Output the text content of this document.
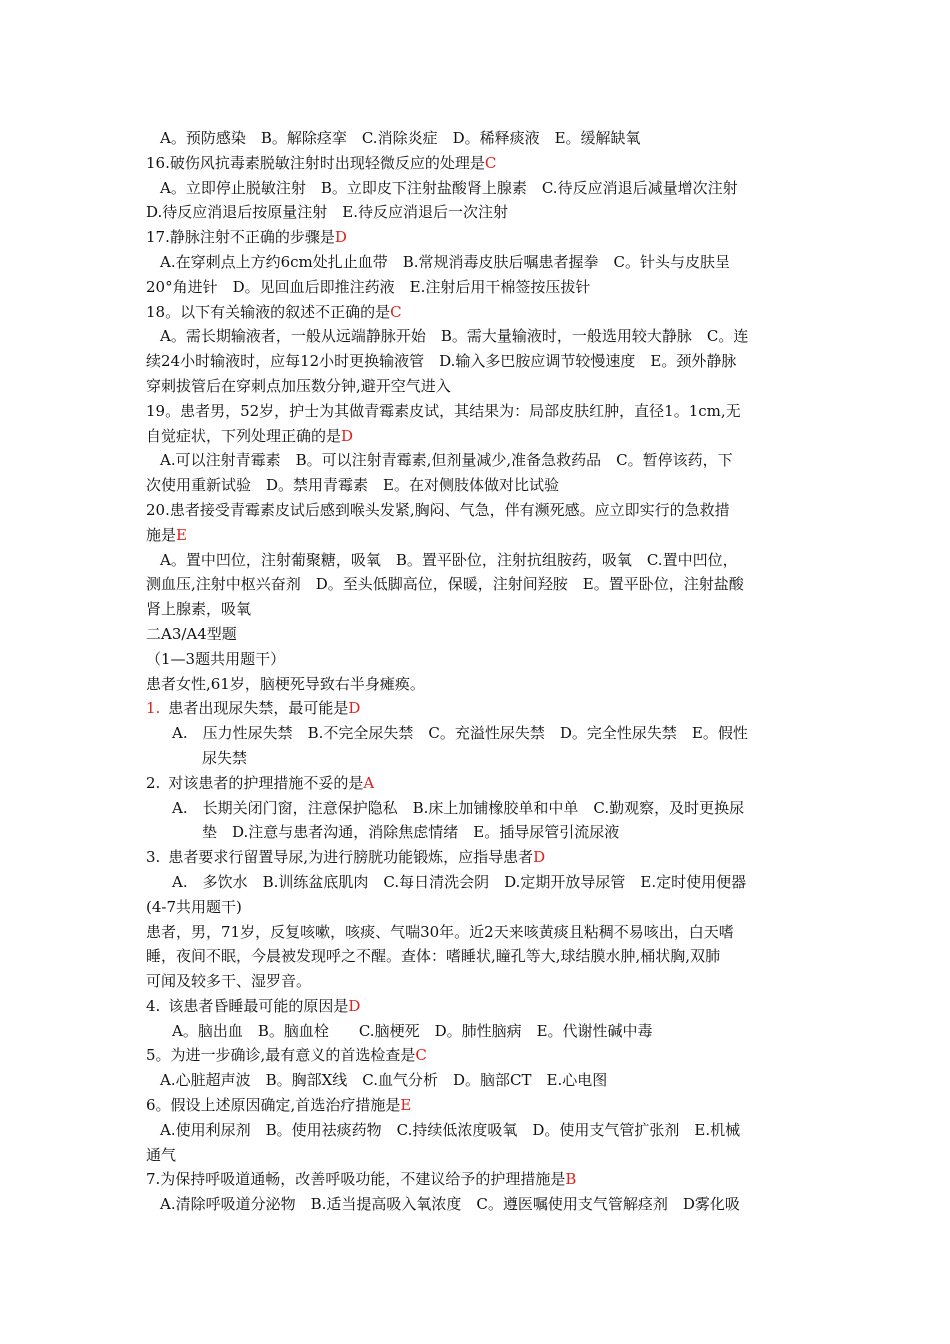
A。预防感染　B。解除痉挛　C.消除炎症　D。稀释痰液　E。缓解缺氧
16.破伤风抗毒素脱敏注射时出现轻微反应的处理是C
A。立即停止脱敏注射　B。立即皮下注射盐酸肾上腺素　C.待反应消退后减量增次注射
D.待反应消退后按原量注射　E.待反应消退后一次注射
17.静脉注射不正确的步骤是D
A.在穿刺点上方约6cm处扎止血带　B.常规消毒皮肤后嘱患者握拳　C。针头与皮肤呈
20°角进针　D。见回血后即推注药液　E.注射后用干棉签按压拔针
18。以下有关输液的叙述不正确的是C
A。需长期输液者，一般从远端静脉开始　B。需大量输液时，一般选用较大静脉　C。连
续24小时输液时，应每12小时更换输液管　D.输入多巴胺应调节较慢速度　E。颈外静脉
穿刺拔管后在穿刺点加压数分钟,避开空气进入
19。患者男，52岁，护士为其做青霉素皮试，其结果为：局部皮肤红肿，直径1。1cm,无
自觉症状，下列处理正确的是D
A.可以注射青霉素　B。可以注射青霉素,但剂量减少,准备急救药品　C。暂停该药，下
次使用重新试验　D。禁用青霉素　E。在对侧肢体做对比试验
20.患者接受青霉素皮试后感到喉头发紧,胸闷、气急，伴有濒死感。应立即实行的急救措
施是E
A。置中凹位，注射葡聚糖，吸氧　B。置平卧位，注射抗组胺药，吸氧　C.置中凹位，
测血压,注射中枢兴奋剂　D。至头低脚高位，保暖，注射间羟胺　E。置平卧位，注射盐酸
肾上腺素，吸氧
二A3/A4型题
（1—3题共用题干）
患者女性,61岁，脑梗死导致右半身瘫痪。
1. 患者出现尿失禁，最可能是D
A.　压力性尿失禁　B.不完全尿失禁　C。充溢性尿失禁　D。完全性尿失禁　E。假性
尿失禁
2. 对该患者的护理措施不妥的是A
A.　长期关闭门窗，注意保护隐私　B.床上加铺橡胶单和中单　C.勤观察，及时更换尿
垫　D.注意与患者沟通，消除焦虑情绪　E。插导尿管引流尿液
3. 患者要求行留置导尿,为进行膀胱功能锻炼，应指导患者D
A.　多饮水　B.训练盆底肌肉　C.每日清洗会阴　D.定期开放导尿管　E.定时使用便器
(4-7共用题干)
患者，男，71岁，反复咳嗽，咳痰、气喘30年。近2天来咳黄痰且粘稠不易咳出，白天嗜
睡，夜间不眠，今晨被发现呼之不醒。查体：嗜睡状,瞳孔等大,球结膜水肿,桶状胸,双肺
可闻及较多干、湿罗音。
4. 该患者昏睡最可能的原因是D
A。脑出血　B。脑血栓　　C.脑梗死　D。肺性脑病　E。代谢性碱中毒
5。为进一步确诊,最有意义的首选检查是C
A.心脏超声波　B。胸部X线　C.血气分析　D。脑部CT　E.心电图
6。假设上述原因确定,首选治疗措施是E
A.使用利尿剂　B。使用祛痰药物　C.持续低浓度吸氧　D。使用支气管扩张剂　E.机械
通气
7.为保持呼吸道通畅，改善呼吸功能，不建议给予的护理措施是B
A.清除呼吸道分泌物　B.适当提高吸入氧浓度　C。遵医嘱使用支气管解痉剂　D雾化吸
